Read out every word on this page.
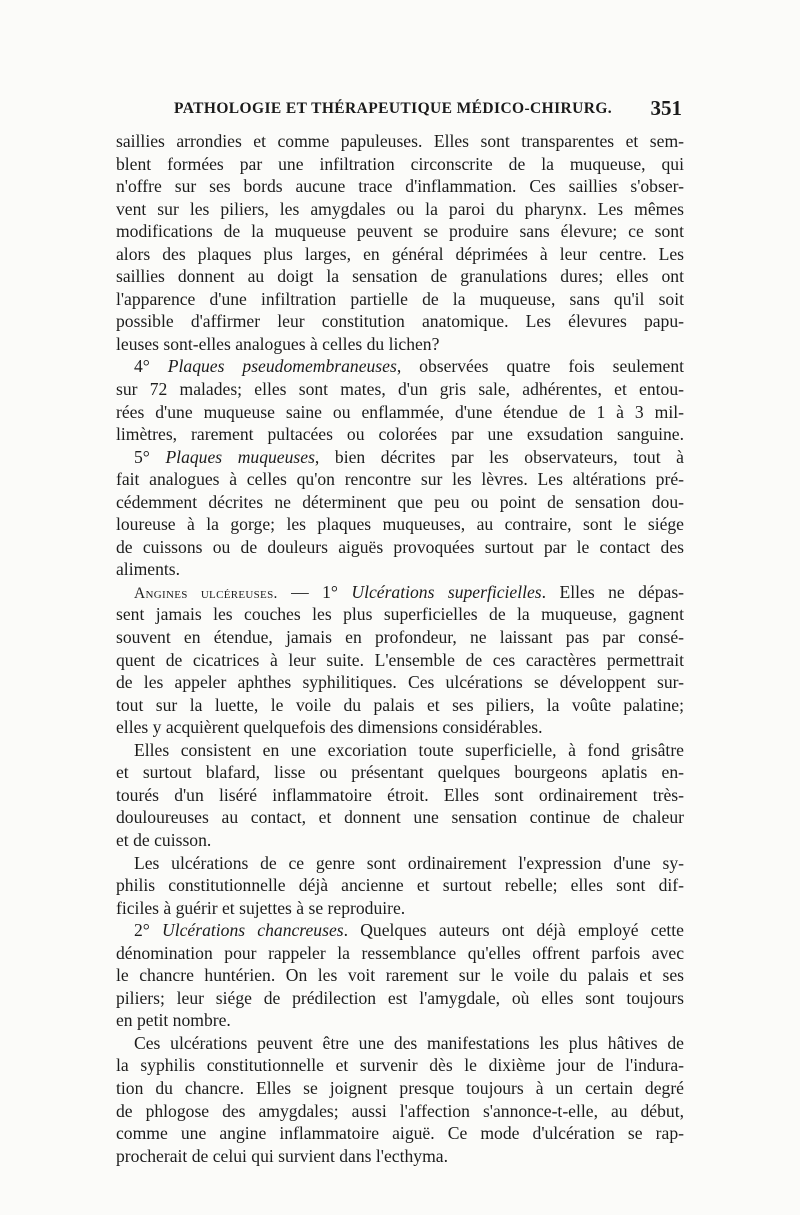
PATHOLOGIE ET THÉRAPEUTIQUE MÉDICO-CHIRURG. 351
saillies arrondies et comme papuleuses. Elles sont transparentes et sem-
blent formées par une infiltration circonscrite de la muqueuse, qui
n'offre sur ses bords aucune trace d'inflammation. Ces saillies s'obser-
vent sur les piliers, les amygdales ou la paroi du pharynx. Les mêmes
modifications de la muqueuse peuvent se produire sans élevure; ce sont
alors des plaques plus larges, en général déprimées à leur centre. Les
saillies donnent au doigt la sensation de granulations dures; elles ont
l'apparence d'une infiltration partielle de la muqueuse, sans qu'il soit
possible d'affirmer leur constitution anatomique. Les élevures papu-
leuses sont-elles analogues à celles du lichen?
4° Plaques pseudomembraneuses, observées quatre fois seulement
sur 72 malades; elles sont mates, d'un gris sale, adhérentes, et entou-
rées d'une muqueuse saine ou enflammée, d'une étendue de 1 à 3 mil-
limètres, rarement pultacées ou colorées par une exsudation sanguine.
5° Plaques muqueuses, bien décrites par les observateurs, tout à
fait analogues à celles qu'on rencontre sur les lèvres. Les altérations pré-
cédemment décrites ne déterminent que peu ou point de sensation dou-
loureuse à la gorge; les plaques muqueuses, au contraire, sont le siége
de cuissons ou de douleurs aiguës provoquées surtout par le contact des
aliments.
Angines ulcéreuses. — 1° Ulcérations superficielles. Elles ne dépas-
sent jamais les couches les plus superficielles de la muqueuse, gagnent
souvent en étendue, jamais en profondeur, ne laissant pas par consé-
quent de cicatrices à leur suite. L'ensemble de ces caractères permettrait
de les appeler aphthes syphilitiques. Ces ulcérations se développent sur-
tout sur la luette, le voile du palais et ses piliers, la voûte palatine;
elles y acquièrent quelquefois des dimensions considérables.
Elles consistent en une excoriation toute superficielle, à fond grisâtre
et surtout blafard, lisse ou présentant quelques bourgeons aplatis en-
tourés d'un liséré inflammatoire étroit. Elles sont ordinairement très-
douloureuses au contact, et donnent une sensation continue de chaleur
et de cuisson.
Les ulcérations de ce genre sont ordinairement l'expression d'une sy-
philis constitutionnelle déjà ancienne et surtout rebelle; elles sont dif-
ficiles à guérir et sujettes à se reproduire.
2° Ulcérations chancreuses. Quelques auteurs ont déjà employé cette
dénomination pour rappeler la ressemblance qu'elles offrent parfois avec
le chancre huntérien. On les voit rarement sur le voile du palais et ses
piliers; leur siége de prédilection est l'amygdale, où elles sont toujours
en petit nombre.
Ces ulcérations peuvent être une des manifestations les plus hâtives de
la syphilis constitutionnelle et survenir dès le dixième jour de l'indura-
tion du chancre. Elles se joignent presque toujours à un certain degré
de phlogose des amygdales; aussi l'affection s'annonce-t-elle, au début,
comme une angine inflammatoire aiguë. Ce mode d'ulcération se rap-
procherait de celui qui survient dans l'ecthyma.
